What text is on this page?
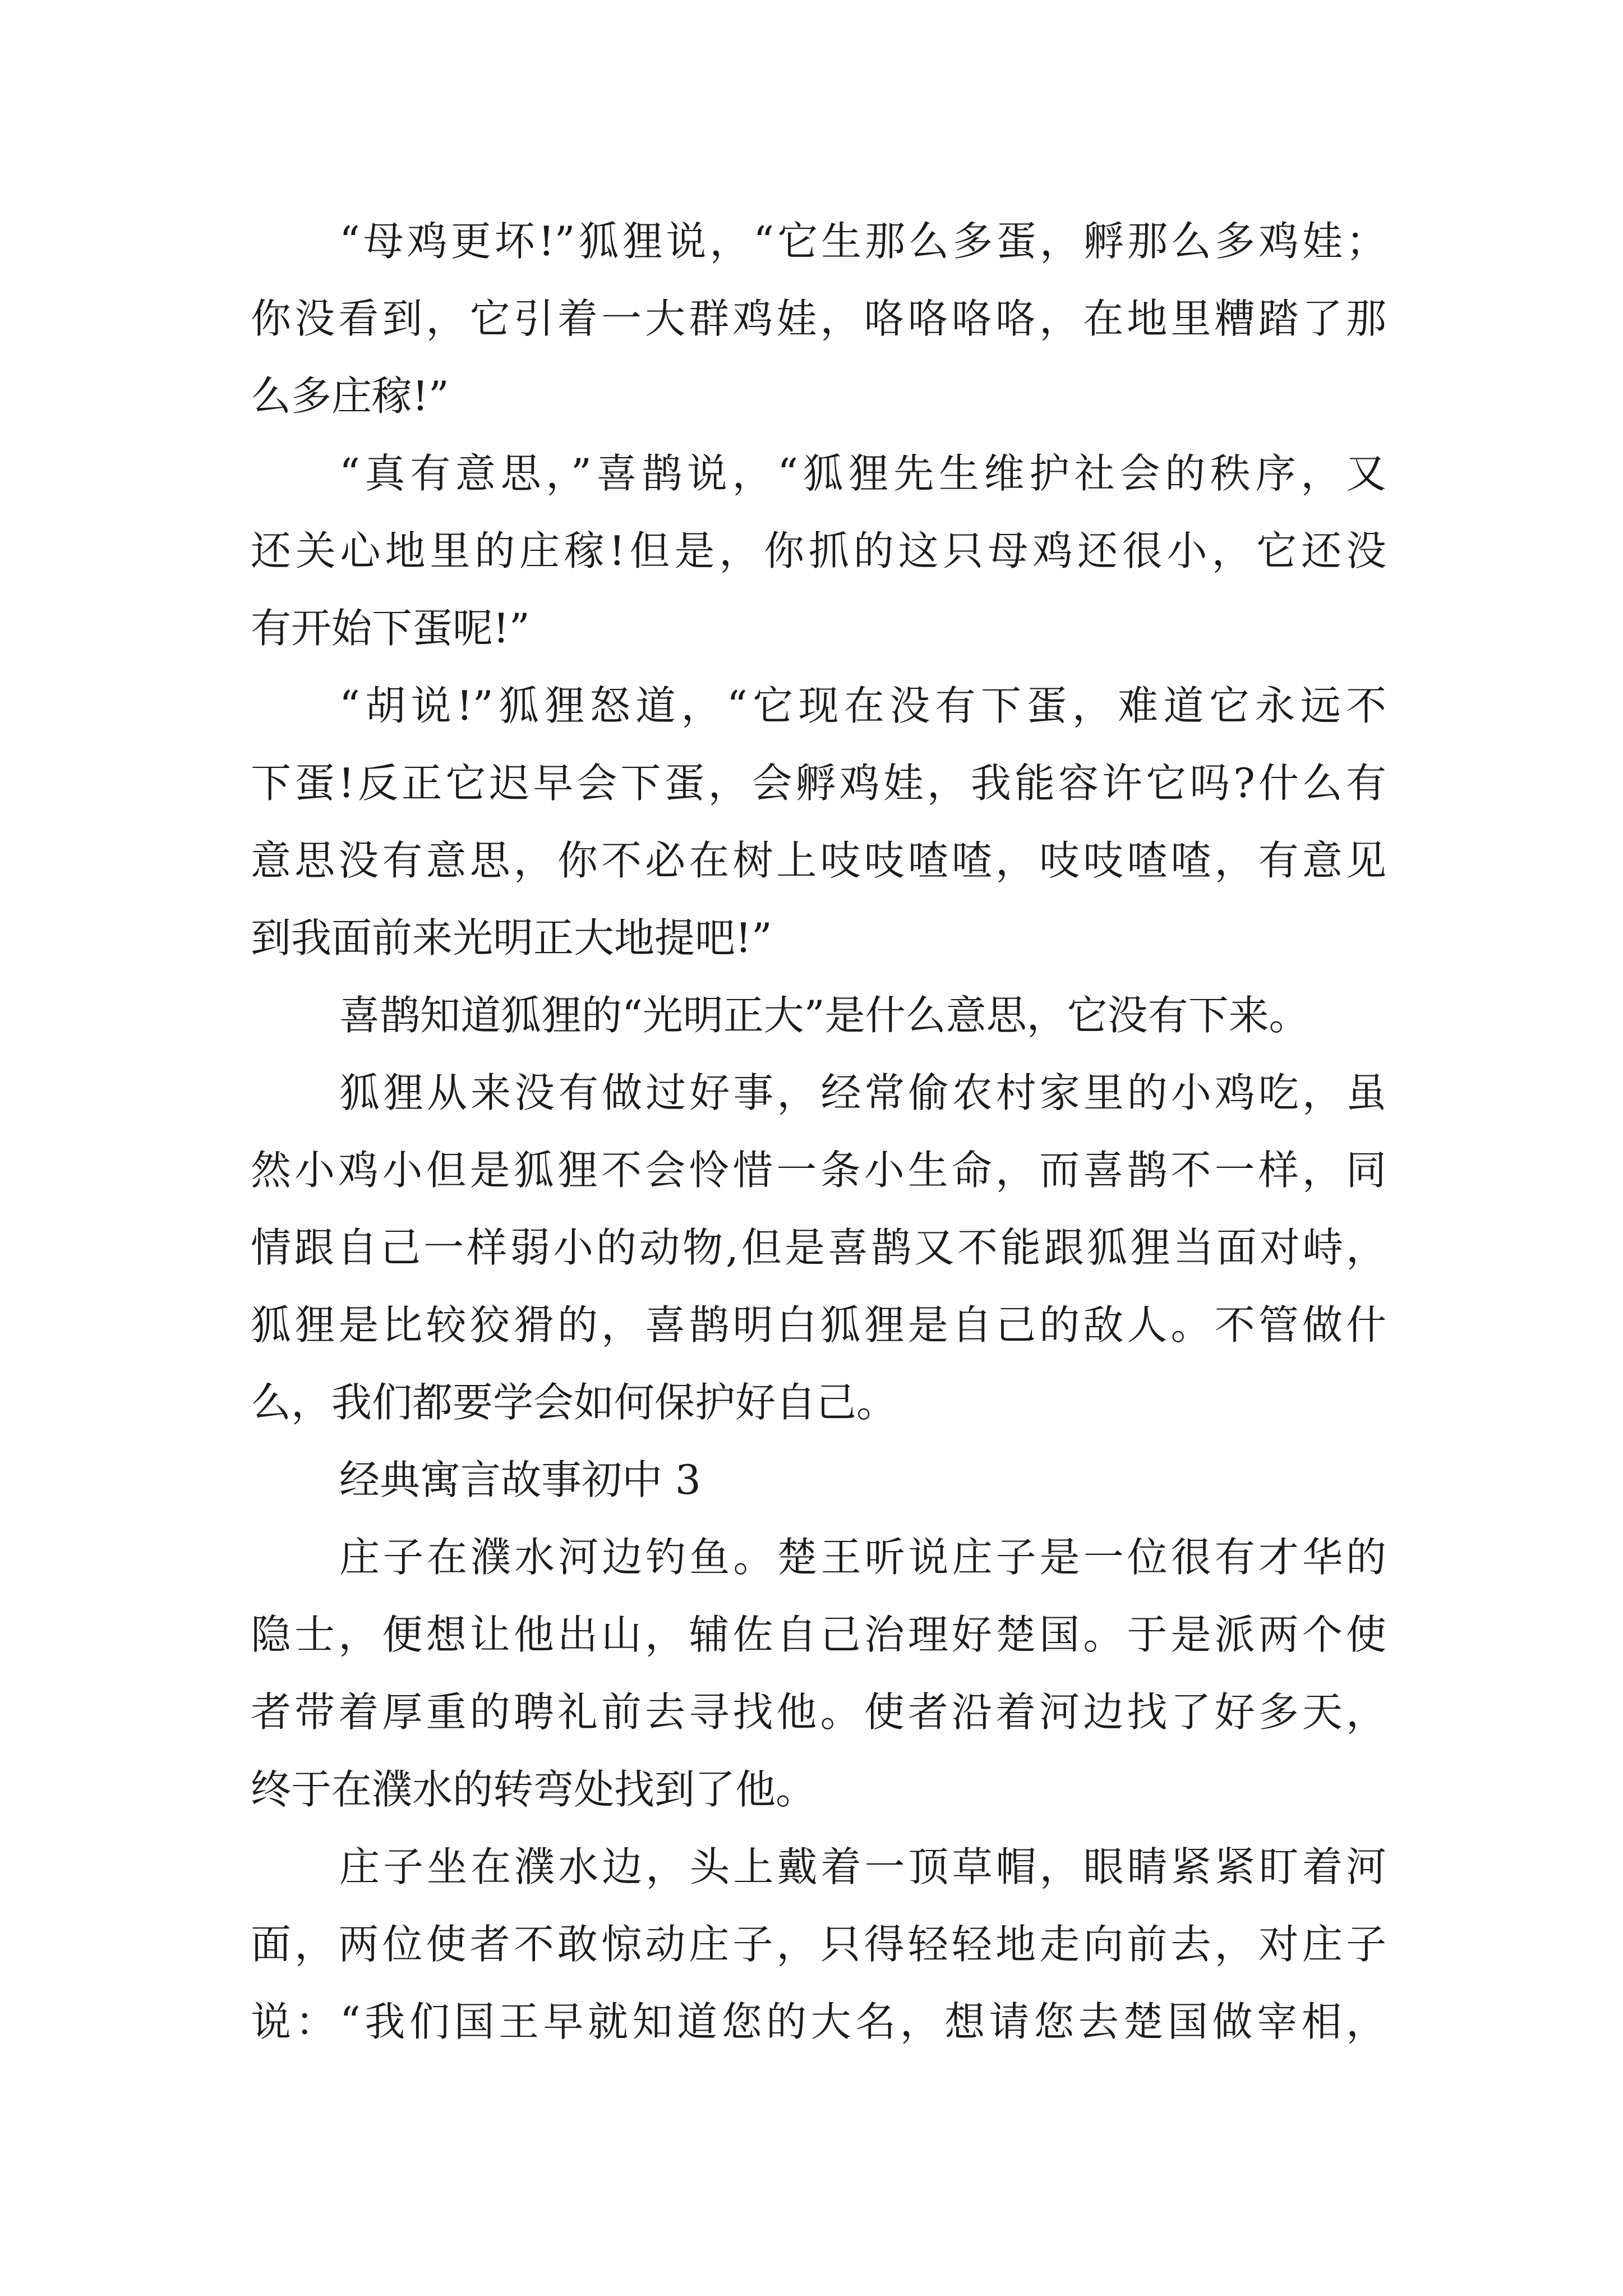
“母鸡更坏!”狐狸说，“它生那么多蛋，孵那么多鸡娃；
你没看到，它引着一大群鸡娃，咯咯咯咯，在地里糟踏了那
么多庄稼!”
“真有意思，”喜鹊说，“狐狸先生维护社会的秩序，又
还关心地里的庄稼!但是，你抓的这只母鸡还很小，它还没
有开始下蛋呢!”
“胡说!”狐狸怒道，“它现在没有下蛋，难道它永远不
下蛋!反正它迟早会下蛋，会孵鸡娃，我能容许它吗?什么有
意思没有意思，你不必在树上吱吱喳喳，吱吱喳喳，有意见
到我面前来光明正大地提吧!”
喜鹊知道狐狸的“光明正大”是什么意思，它没有下来。
狐狸从来没有做过好事，经常偷农村家里的小鸡吃，虽
然小鸡小但是狐狸不会怜惜一条小生命，而喜鹊不一样，同
情跟自己一样弱小的动物,但是喜鹊又不能跟狐狸当面对峙，
狐狸是比较狡猾的，喜鹊明白狐狸是自己的敌人。不管做什
么，我们都要学会如何保护好自己。
经典寓言故事初中 3
庄子在濮水河边钓鱼。楚王听说庄子是一位很有才华的
隐士，便想让他出山，辅佐自己治理好楚国。于是派两个使
者带着厚重的聘礼前去寻找他。使者沿着河边找了好多天，
终于在濮水的转弯处找到了他。
庄子坐在濮水边，头上戴着一顶草帽，眼睛紧紧盯着河
面，两位使者不敢惊动庄子，只得轻轻地走向前去，对庄子
说：“我们国王早就知道您的大名，想请您去楚国做宰相，
